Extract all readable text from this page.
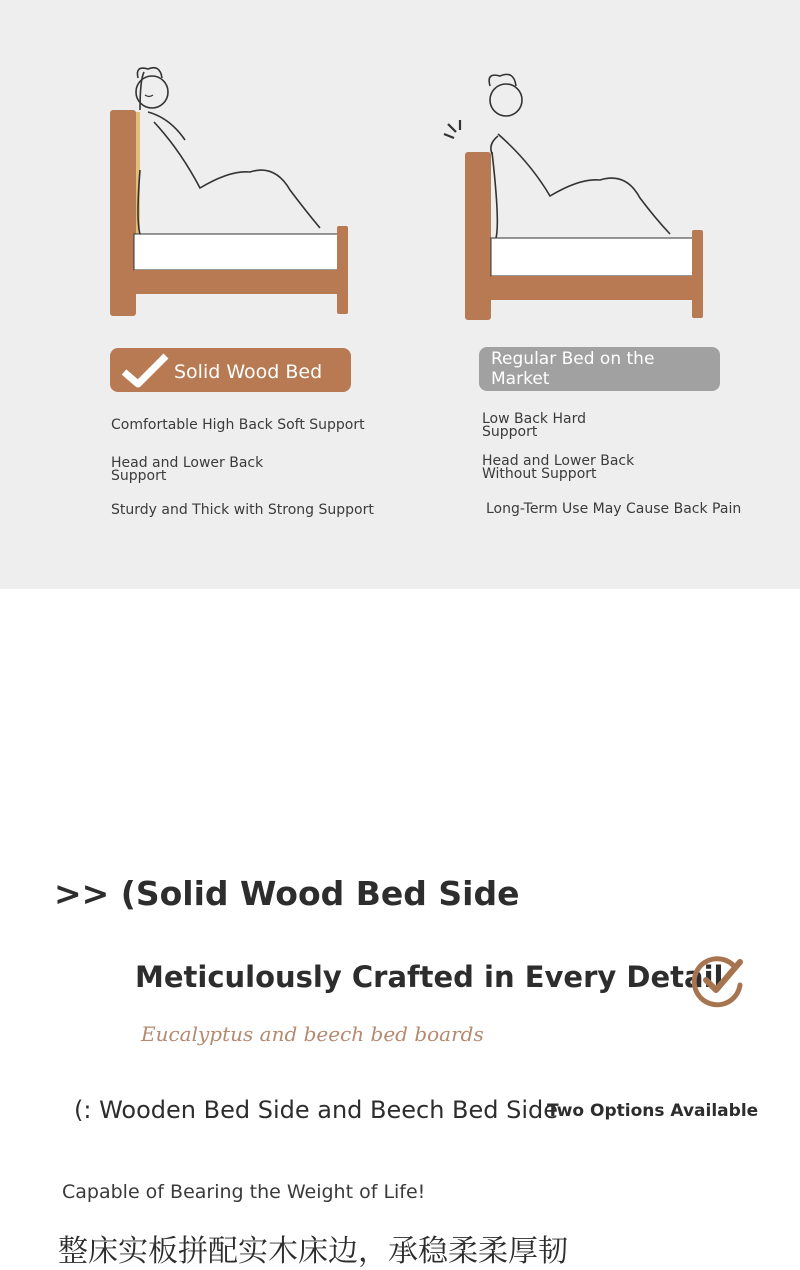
Solid Wood Bed
Regular Bed on the
Market
Comfortable High Back Soft Support
Head and Lower Back
Support
Sturdy and Thick with Strong Support
Low Back Hard
Support
Head and Lower Back
Without Support
Long-Term Use May Cause Back Pain
>> (Solid Wood Bed Side
Meticulously Crafted in Every Detail
Eucalyptus and beech bed boards
(: Wooden Bed Side and Beech Bed Side
Two Options Available
Capable of Bearing the Weight of Life!
整床实板拼配实木床边，承稳柔柔厚韧
